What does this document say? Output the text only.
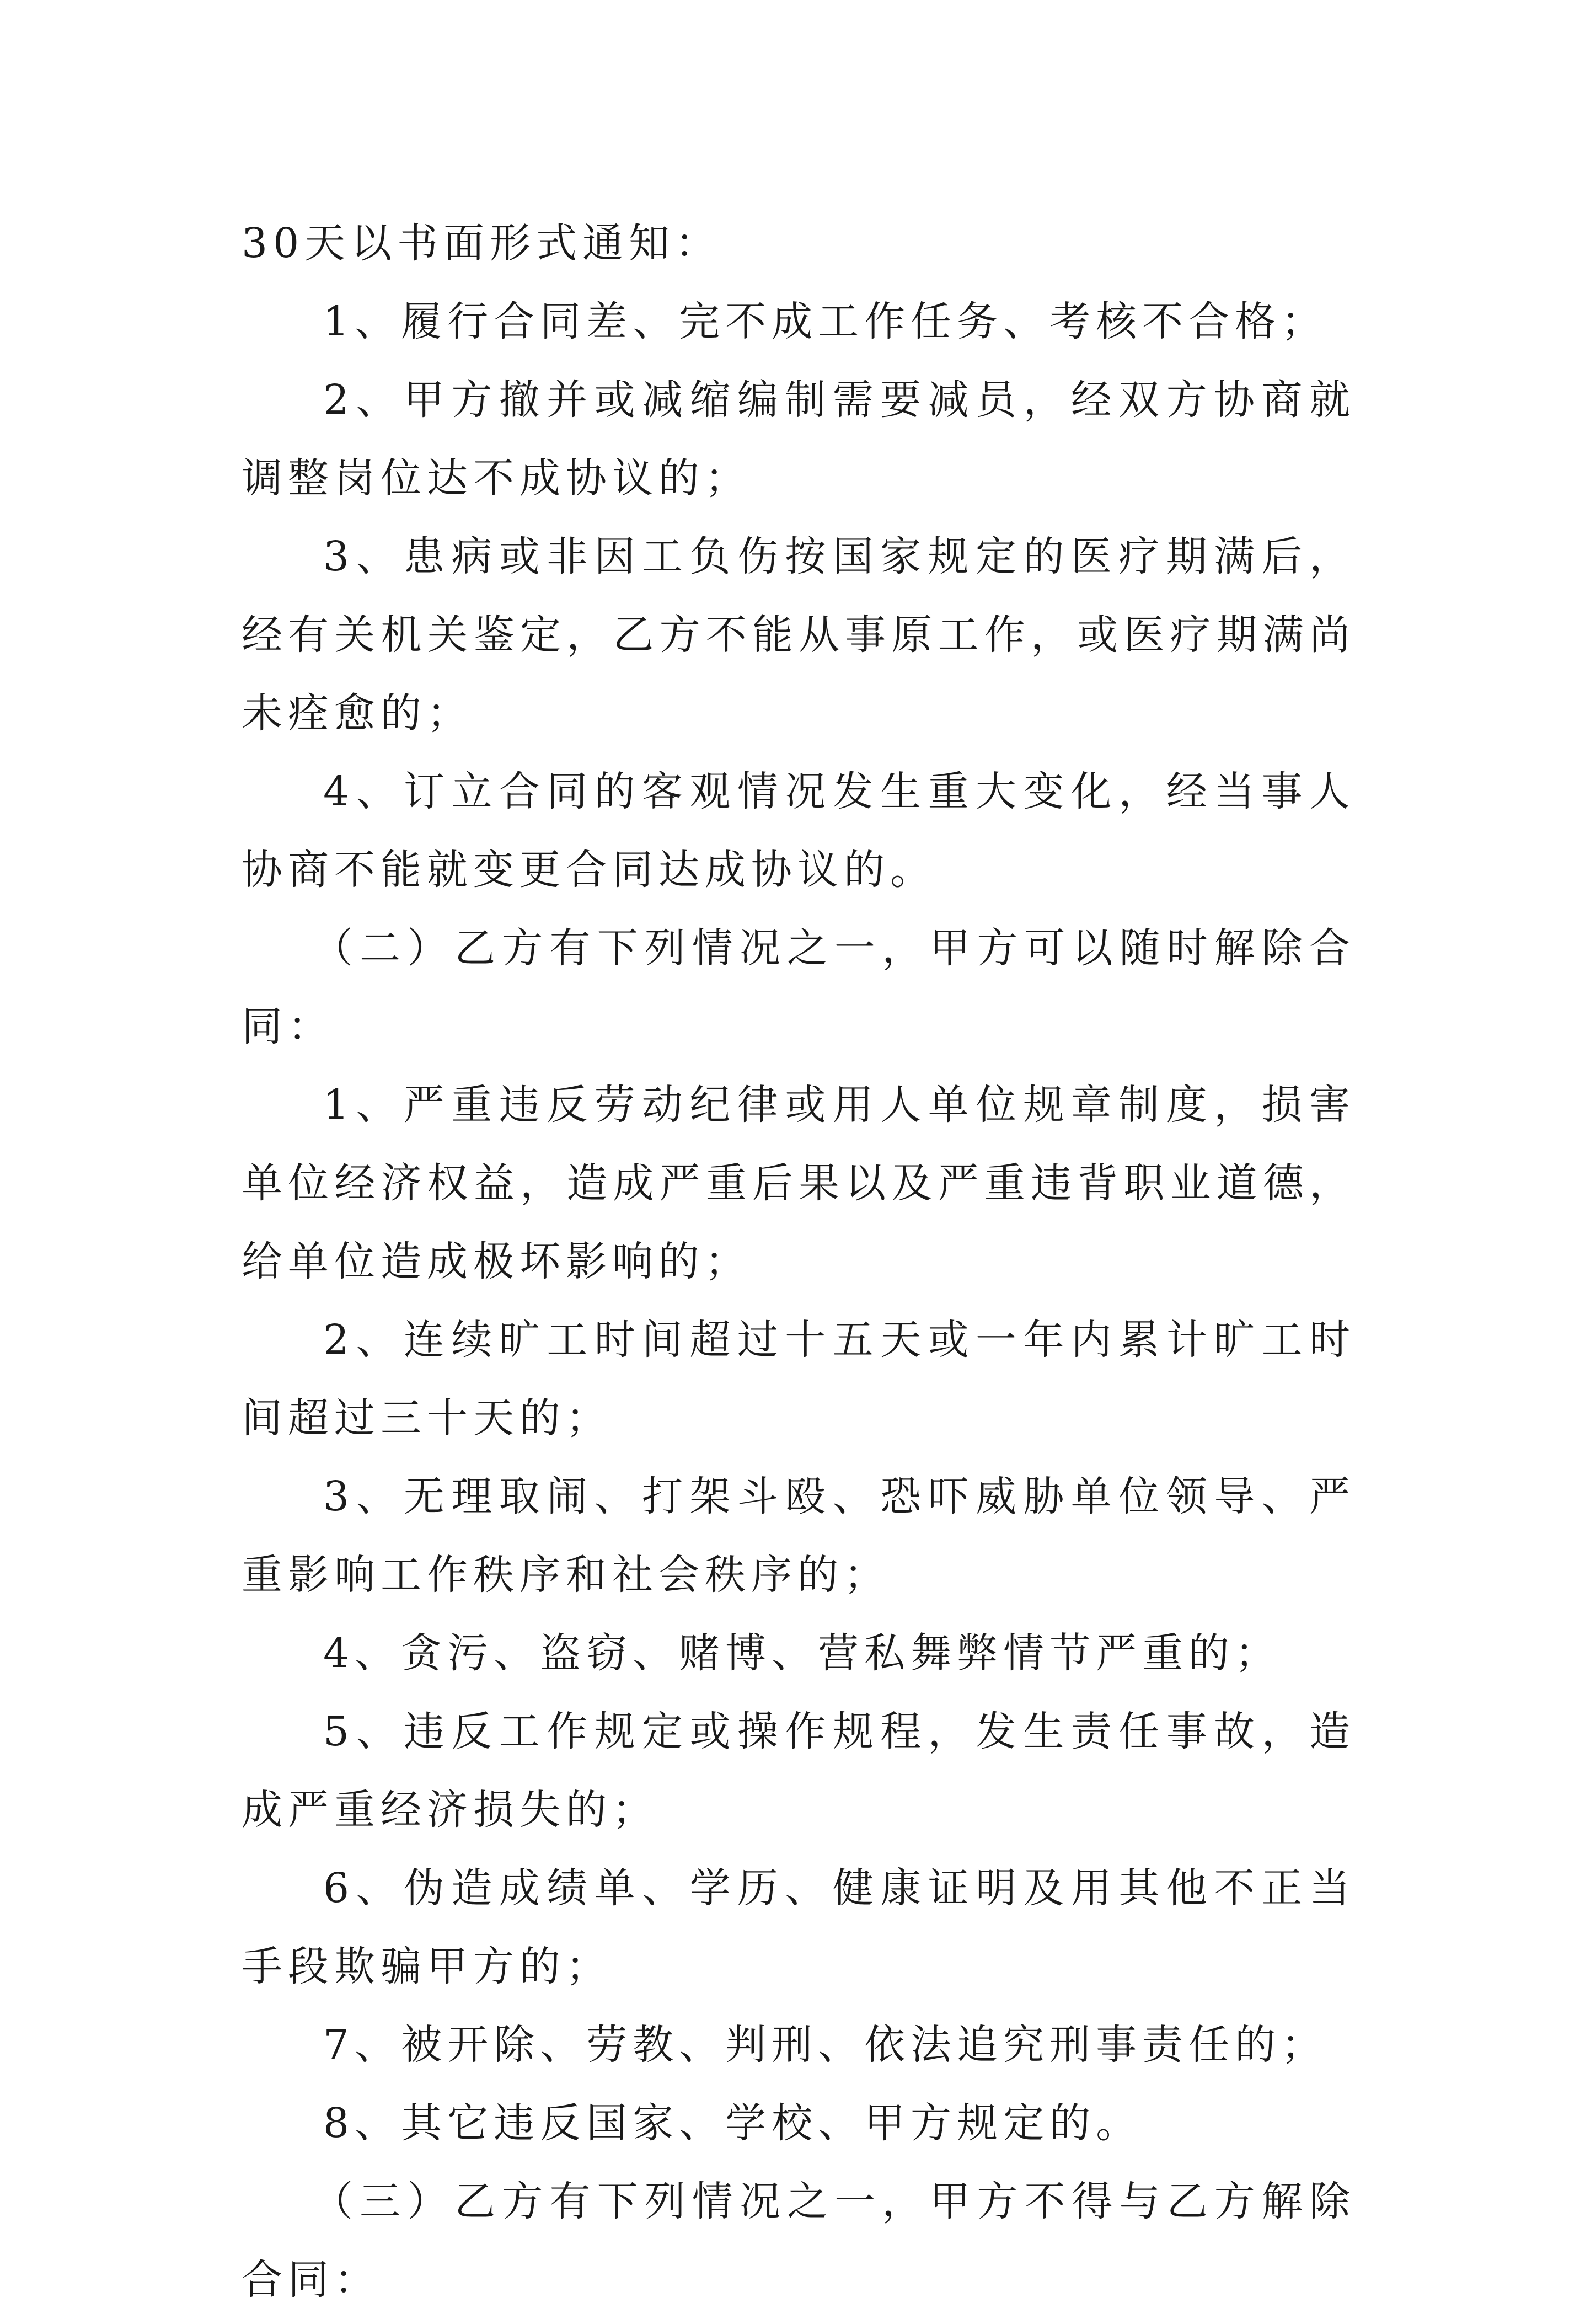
30天以书面形式通知：

1、履行合同差、完不成工作任务、考核不合格；

2、甲方撤并或减缩编制需要减员，经双方协商就调整岗位达不成协议的；

3、患病或非因工负伤按国家规定的医疗期满后，经有关机关鉴定，乙方不能从事原工作，或医疗期满尚未痊愈的；

4、订立合同的客观情况发生重大变化，经当事人协商不能就变更合同达成协议的。

（二）乙方有下列情况之一，甲方可以随时解除合同：

1、严重违反劳动纪律或用人单位规章制度，损害单位经济权益，造成严重后果以及严重违背职业道德，给单位造成极坏影响的；

2、连续旷工时间超过十五天或一年内累计旷工时间超过三十天的；

3、无理取闹、打架斗殴、恐吓威胁单位领导、严重影响工作秩序和社会秩序的；

4、贪污、盗窃、赌博、营私舞弊情节严重的；

5、违反工作规定或操作规程，发生责任事故，造成严重经济损失的；

6、伪造成绩单、学历、健康证明及用其他不正当手段欺骗甲方的；

7、被开除、劳教、判刑、依法追究刑事责任的；

8、其它违反国家、学校、甲方规定的。

（三）乙方有下列情况之一，甲方不得与乙方解除合同：
